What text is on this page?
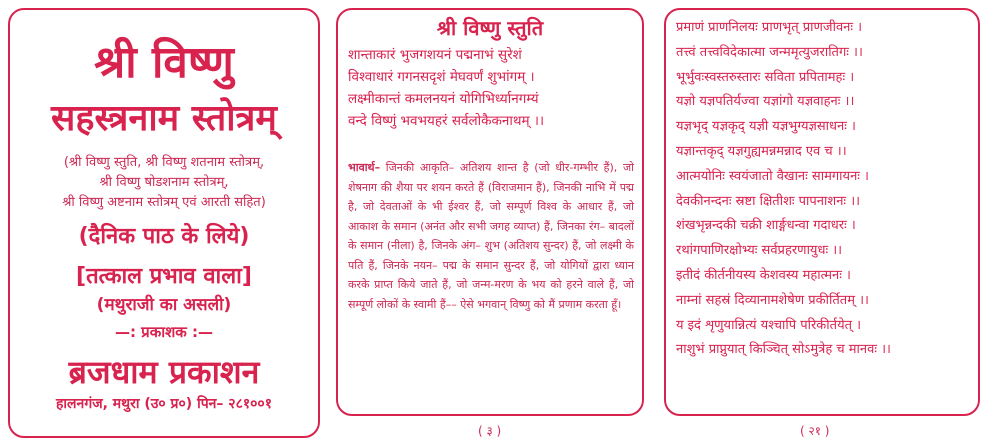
श्री विष्णु
सहस्त्रनाम स्तोत्रम्
(श्री विष्णु स्तुति, श्री विष्णु शतनाम स्तोत्रम्,
श्री विष्णु षोडशनाम स्तोत्रम्,
श्री विष्णु अष्टनाम स्तोत्रम् एवं आरती सहित)
(दैनिक पाठ के लिये)
[तत्काल प्रभाव वाला]
(मथुराजी का असली)
—: प्रकाशक :—
ब्रजधाम प्रकाशन
हालनगंज, मथुरा (उ० प्र०) पिन– २८१००१
श्री विष्णु स्तुति
शान्ताकारं भुजगशयनं पद्मनाभं सुरेशं
विश्वाधारं गगनसदृशं मेघवर्णं शुभांगम् ।
लक्ष्मीकान्तं कमलनयनं योगिभिर्ध्यानगम्यं
वन्दे विष्णुं भवभयहरं सर्वलोकैकनाथम् ।।
भावार्थ– जिनकी आकृति– अतिशय शान्त है (जो धीर-गम्भीर हैं), जो शेषनाग की शैया पर शयन करते हैं (विराजमान हैं), जिनकी नाभि में पद्म है, जो देवताओं के भी ईश्वर हैं, जो सम्पूर्ण विश्व के आधार हैं, जो आकाश के समान (अनंत और सभी जगह व्याप्त) हैं, जिनका रंग– बादलों के समान (नीला) है, जिनके अंग– शुभ (अतिशय सुन्दर) हैं, जो लक्ष्मी के पति हैं, जिनके नयन– पद्म के समान सुन्दर हैं, जो योगियों द्वारा ध्यान करके प्राप्त किये जाते हैं, जो जन्म-मरण के भय को हरने वाले हैं, जो सम्पूर्ण लोकों के स्वामी हैं–– ऐसे भगवान् विष्णु को मैं प्रणाम करता हूँ।
( ३ )
प्रमाणं प्राणनिलयः प्राणभृत् प्राणजीवनः ।
तत्त्वं तत्त्वविदेकात्मा जन्ममृत्युजरातिगः ।।
भूर्भुवःस्वस्तरुस्तारः सविता प्रपितामहः ।
यज्ञो यज्ञपतिर्यज्वा यज्ञांगो यज्ञवाहनः ।।
यज्ञभृद् यज्ञकृद् यज्ञी यज्ञभुग्यज्ञसाधनः ।
यज्ञान्तकृद् यज्ञगुह्यमन्नमन्नाद एव च ।।
आत्मयोनिः स्वयंजातो वैखानः सामगायनः ।
देवकीनन्दनः स्रष्टा क्षितीशः पापनाशनः ।।
शंखभृन्नन्दकी चक्री शार्ङ्गधन्वा गदाधरः ।
रथांगपाणिरक्षोभ्यः सर्वप्रहरणायुधः ।।
इतीदं कीर्तनीयस्य केशवस्य महात्मनः ।
नाम्नां सहस्रं दिव्यानामशेषेण प्रकीर्तितम् ।।
य इदं शृणुयान्नित्यं यश्चापि परिकीर्तयेत् ।
नाशुभं प्राप्नुयात् किञ्चित् सोऽमुत्रेह च मानवः ।।
( २१ )
